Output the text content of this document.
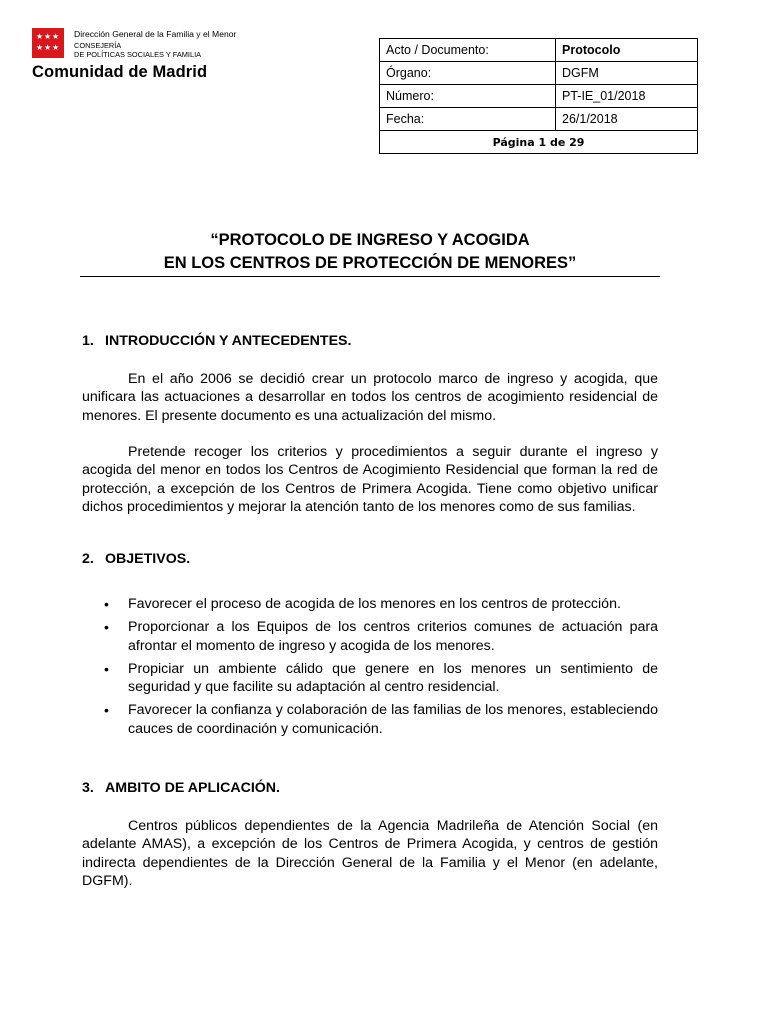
★ ★ ★
★ ★ ★
Dirección General de la Familia y el Menor
CONSEJERÍA
DE POLÍTICAS SOCIALES Y FAMILIA
Comunidad de Madrid
Acto / Documento:	Protocolo
Órgano:	DGFM
Número:	PT-IE_01/2018
Fecha:	26/1/2018
Página 1 de 29	
“PROTOCOLO DE INGRESO Y ACOGIDA
EN LOS CENTROS DE PROTECCIÓN DE MENORES”
1. INTRODUCCIÓN Y ANTECEDENTES.
En el año 2006 se decidió crear un protocolo marco de ingreso y acogida, que unificara las actuaciones a desarrollar en todos los centros de acogimiento residencial de menores. El presente documento es una actualización del mismo.
Pretende recoger los criterios y procedimientos a seguir durante el ingreso y acogida del menor en todos los Centros de Acogimiento Residencial que forman la red de protección, a excepción de los Centros de Primera Acogida. Tiene como objetivo unificar dichos procedimientos y mejorar la atención tanto de los menores como de sus familias.
2. OBJETIVOS.
• Favorecer el proceso de acogida de los menores en los centros de protección.
• Proporcionar a los Equipos de los centros criterios comunes de actuación para afrontar el momento de ingreso y acogida de los menores.
• Propiciar un ambiente cálido que genere en los menores un sentimiento de seguridad y que facilite su adaptación al centro residencial.
• Favorecer la confianza y colaboración de las familias de los menores, estableciendo cauces de coordinación y comunicación.
3. AMBITO DE APLICACIÓN.
Centros públicos dependientes de la Agencia Madrileña de Atención Social (en adelante AMAS), a excepción de los Centros de Primera Acogida, y centros de gestión indirecta dependientes de la Dirección General de la Familia y el Menor (en adelante, DGFM).
